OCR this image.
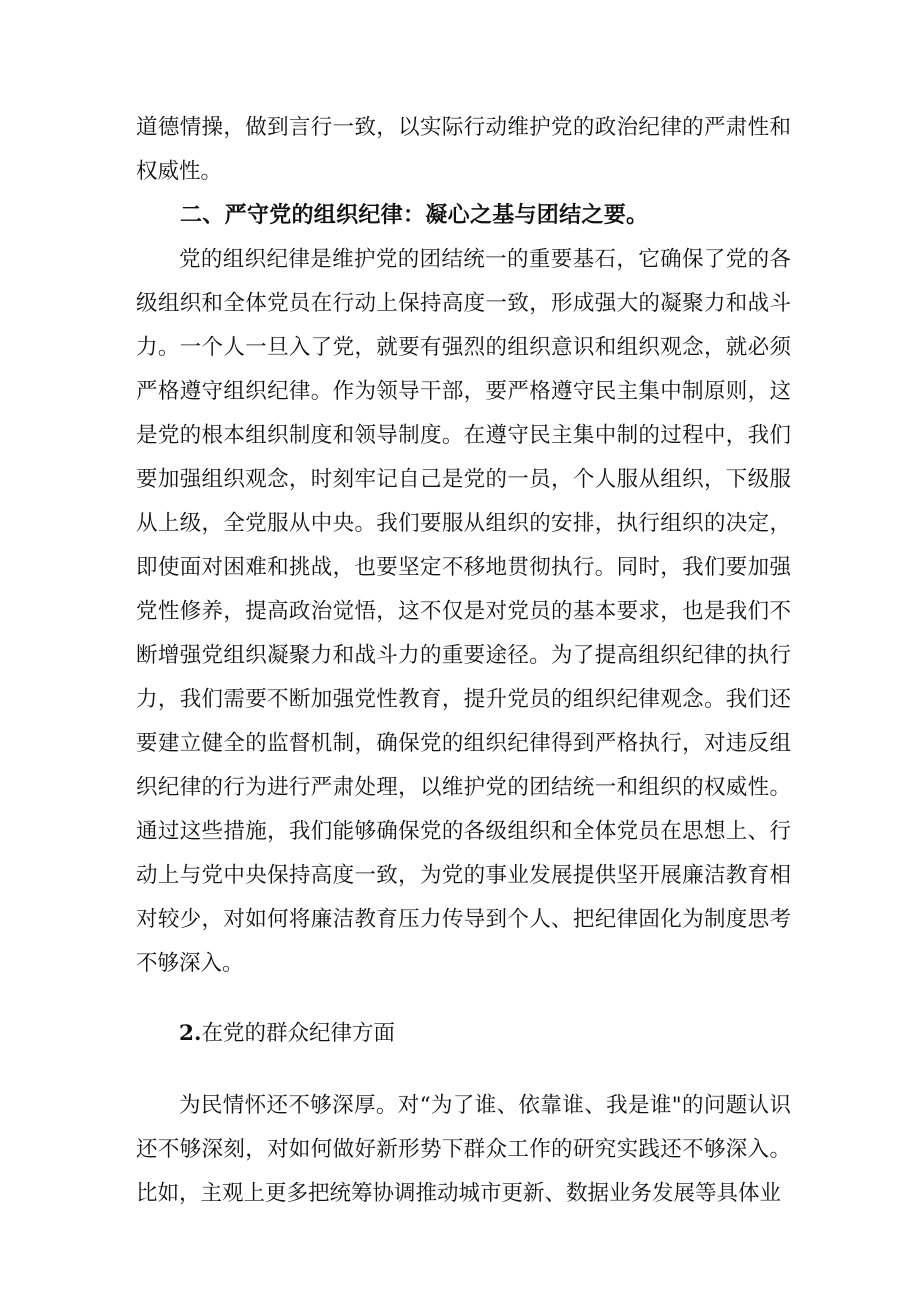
道德情操，做到言行一致，以实际行动维护党的政治纪律的严肃性和权威性。

二、严守党的组织纪律：凝心之基与团结之要。

党的组织纪律是维护党的团结统一的重要基石，它确保了党的各级组织和全体党员在行动上保持高度一致，形成强大的凝聚力和战斗力。一个人一旦入了党，就要有强烈的组织意识和组织观念，就必须严格遵守组织纪律。作为领导干部，要严格遵守民主集中制原则，这是党的根本组织制度和领导制度。在遵守民主集中制的过程中，我们要加强组织观念，时刻牢记自己是党的一员，个人服从组织，下级服从上级，全党服从中央。我们要服从组织的安排，执行组织的决定，即使面对困难和挑战，也要坚定不移地贯彻执行。同时，我们要加强党性修养，提高政治觉悟，这不仅是对党员的基本要求，也是我们不断增强党组织凝聚力和战斗力的重要途径。为了提高组织纪律的执行力，我们需要不断加强党性教育，提升党员的组织纪律观念。我们还要建立健全的监督机制，确保党的组织纪律得到严格执行，对违反组织纪律的行为进行严肃处理，以维护党的团结统一和组织的权威性。通过这些措施，我们能够确保党的各级组织和全体党员在思想上、行动上与党中央保持高度一致，为党的事业发展提供坚开展廉洁教育相对较少，对如何将廉洁教育压力传导到个人、把纪律固化为制度思考不够深入。

2.在党的群众纪律方面

为民情怀还不够深厚。对“为了谁、依靠谁、我是谁"的问题认识还不够深刻，对如何做好新形势下群众工作的研究实践还不够深入。比如，主观上更多把统筹协调推动城市更新、数据业务发展等具体业
